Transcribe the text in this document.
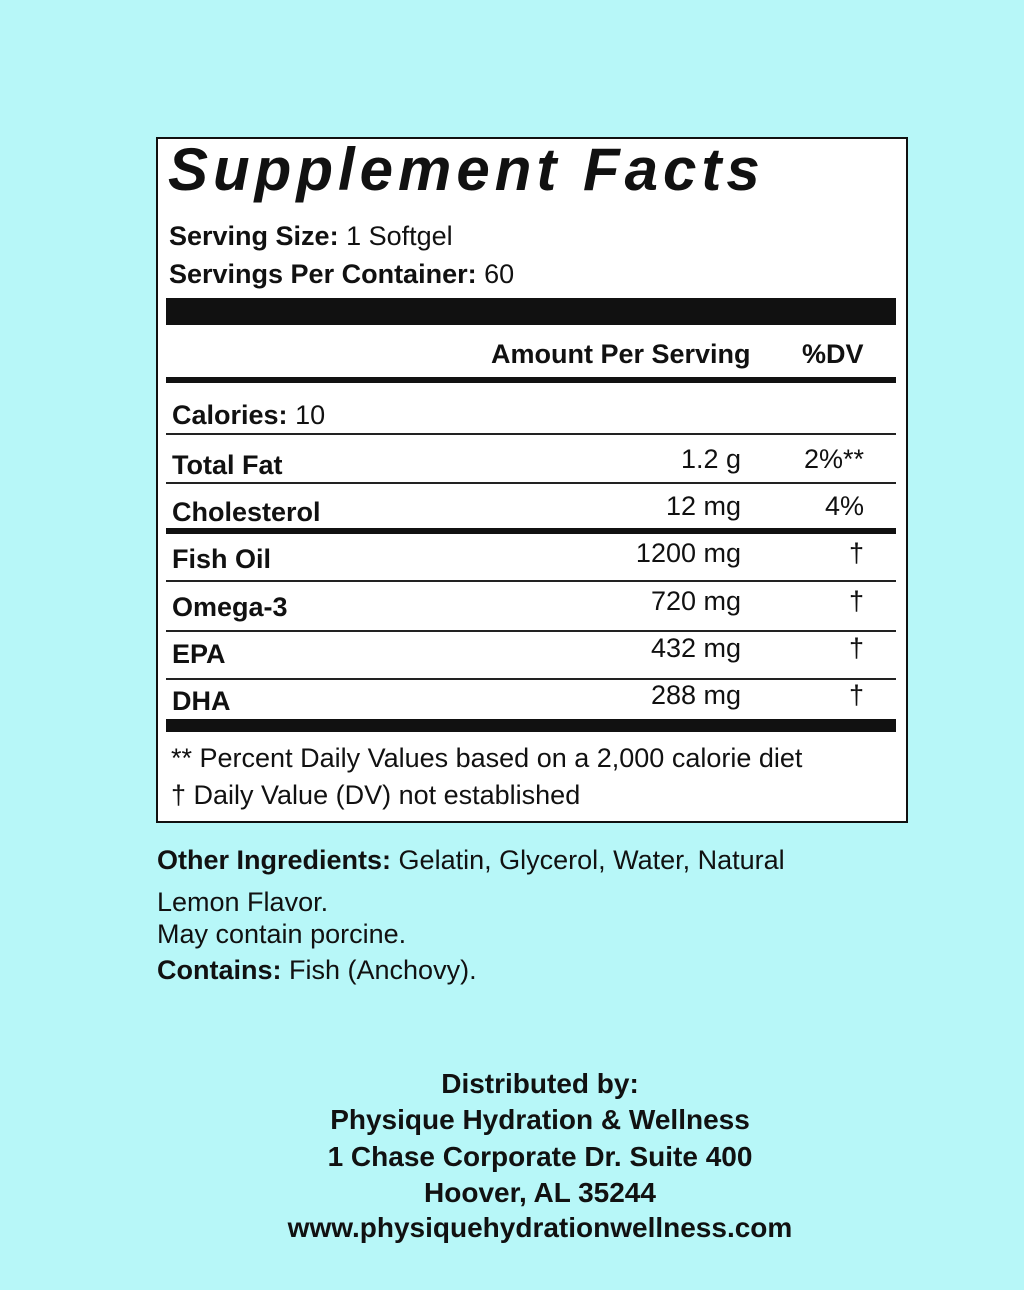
Supplement Facts
Serving Size: 1 Softgel
Servings Per Container: 60
Amount Per Serving %DV
Calories: 10
Total Fat	1.2 g 2%**
Cholesterol	12 mg	4%
Fish Oil	1200 mg	†
Omega-3	720 mg	†
EPA	432 mg	†
DHA	288 mg	†
** Percent Daily Values based on a 2,000 calorie diet
† Daily Value (DV) not established
Other Ingredients: Gelatin, Glycerol, Water, Natural
Lemon Flavor.
May contain porcine.
Contains: Fish (Anchovy).
Distributed by:
Physique Hydration & Wellness
1 Chase Corporate Dr. Suite 400
Hoover, AL 35244
www.physiquehydrationwellness.com
